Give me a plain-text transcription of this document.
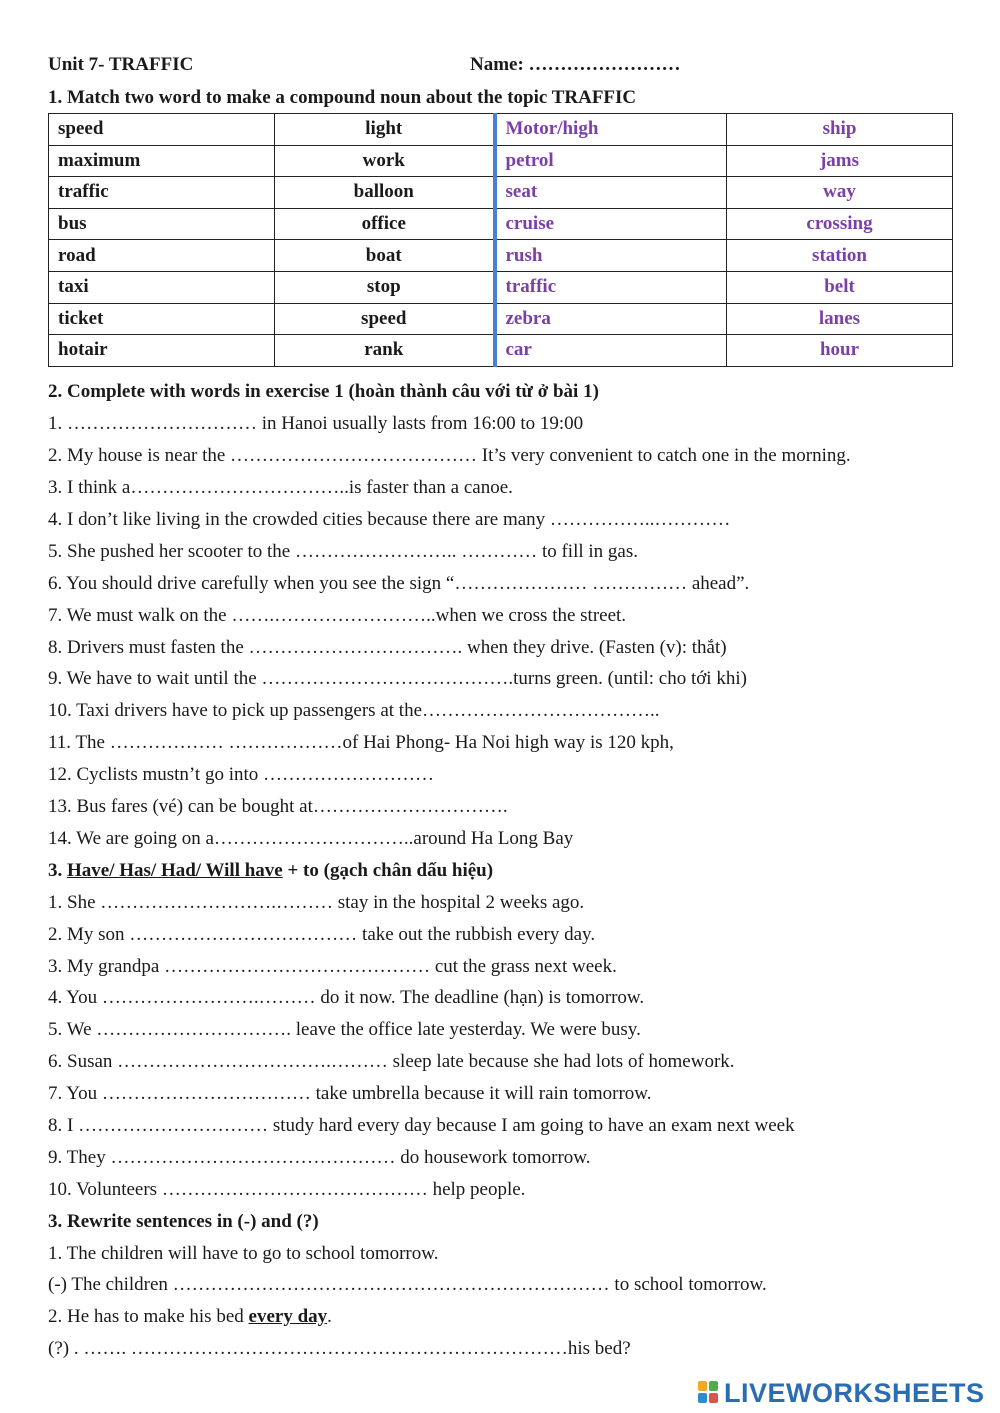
Unit 7- TRAFFIC	Name: ……………………
1. Match two word to make a compound noun about the topic TRAFFIC
speed	light	Motor/high	ship
maximum	work	petrol	jams
traffic	balloon	seat	way
bus	office	cruise	crossing
road	boat	rush	station
taxi	stop	traffic	belt
ticket	speed	zebra	lanes
hotair	rank	car	hour
2. Complete with words in exercise 1 (hoàn thành câu với từ ở bài 1)
1. ………………………… in Hanoi usually lasts from 16:00 to 19:00
2. My house is near the ………………………………… It’s very convenient to catch one in the morning.
3. I think a……………………………..is faster than a canoe.
4. I don’t like living in the crowded cities because there are many ……………..…………
5. She pushed her scooter to the …………………….. ………… to fill in gas.
6. You should drive carefully when you see the sign “………………… …………… ahead”.
7. We must walk on the …….……………………..when we cross the street.
8. Drivers must fasten the ……………………………. when they drive. (Fasten (v): thắt)
9. We have to wait until the ………………………………….turns green. (until: cho tới khi)
10. Taxi drivers have to pick up passengers at the………………………………..
11. The ……………… ………………of Hai Phong- Ha Noi high way is 120 kph,
12. Cyclists mustn’t go into ………………………
13. Bus fares (vé) can be bought at………………………….
14. We are going on a…………………………..around Ha Long Bay
3. Have/ Has/ Had/ Will have + to (gạch chân dấu hiệu)
1. She ……………………….……… stay in the hospital 2 weeks ago.
2. My son ……………………………… take out the rubbish every day.
3. My grandpa …………………………………… cut the grass next week.
4. You …………………….……… do it now. The deadline (hạn) is tomorrow.
5. We …………………………. leave the office late yesterday. We were busy.
6. Susan …………………………….……… sleep late because she had lots of homework.
7. You …………………………… take umbrella because it will rain tomorrow.
8. I ………………………… study hard every day because I am going to have an exam next week
9. They ……………………………………… do housework tomorrow.
10. Volunteers …………………………………… help people.
3. Rewrite sentences in (-) and (?)
1. The children will have to go to school tomorrow.
(-) The children …………………………………………………………… to school tomorrow.
2. He has to make his bed every day.
(?) . ……. ……………………………………………………………his bed?
LIVEWORKSHEETS
